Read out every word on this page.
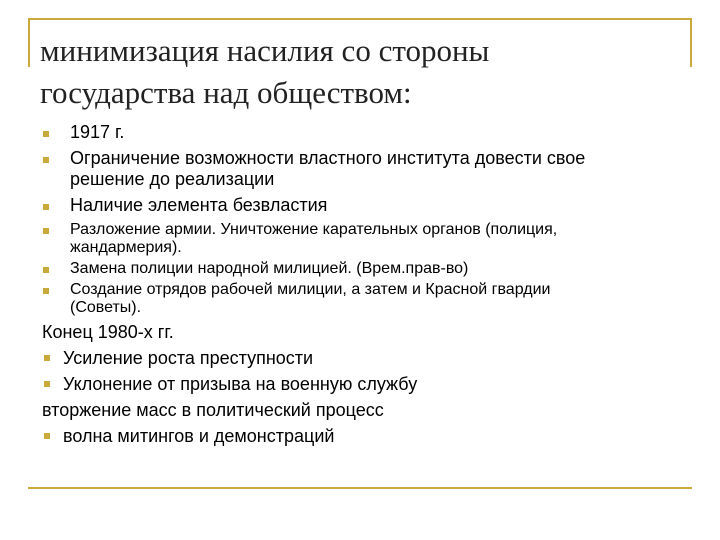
минимизация насилия со стороны
государства над обществом:
1917 г.
Ограничение возможности властного института довести свое
решение до реализации
Наличие элемента безвластия
Разложение армии. Уничтожение карательных органов (полиция,
жандармерия).
Замена полиции народной милицией. (Врем.прав-во)
Создание отрядов рабочей милиции, а затем и Красной гвардии
(Советы).
Конец 1980-х гг.
Усиление роста преступности
Уклонение от призыва на военную службу
вторжение масс в политический процесс
волна митингов и демонстраций
